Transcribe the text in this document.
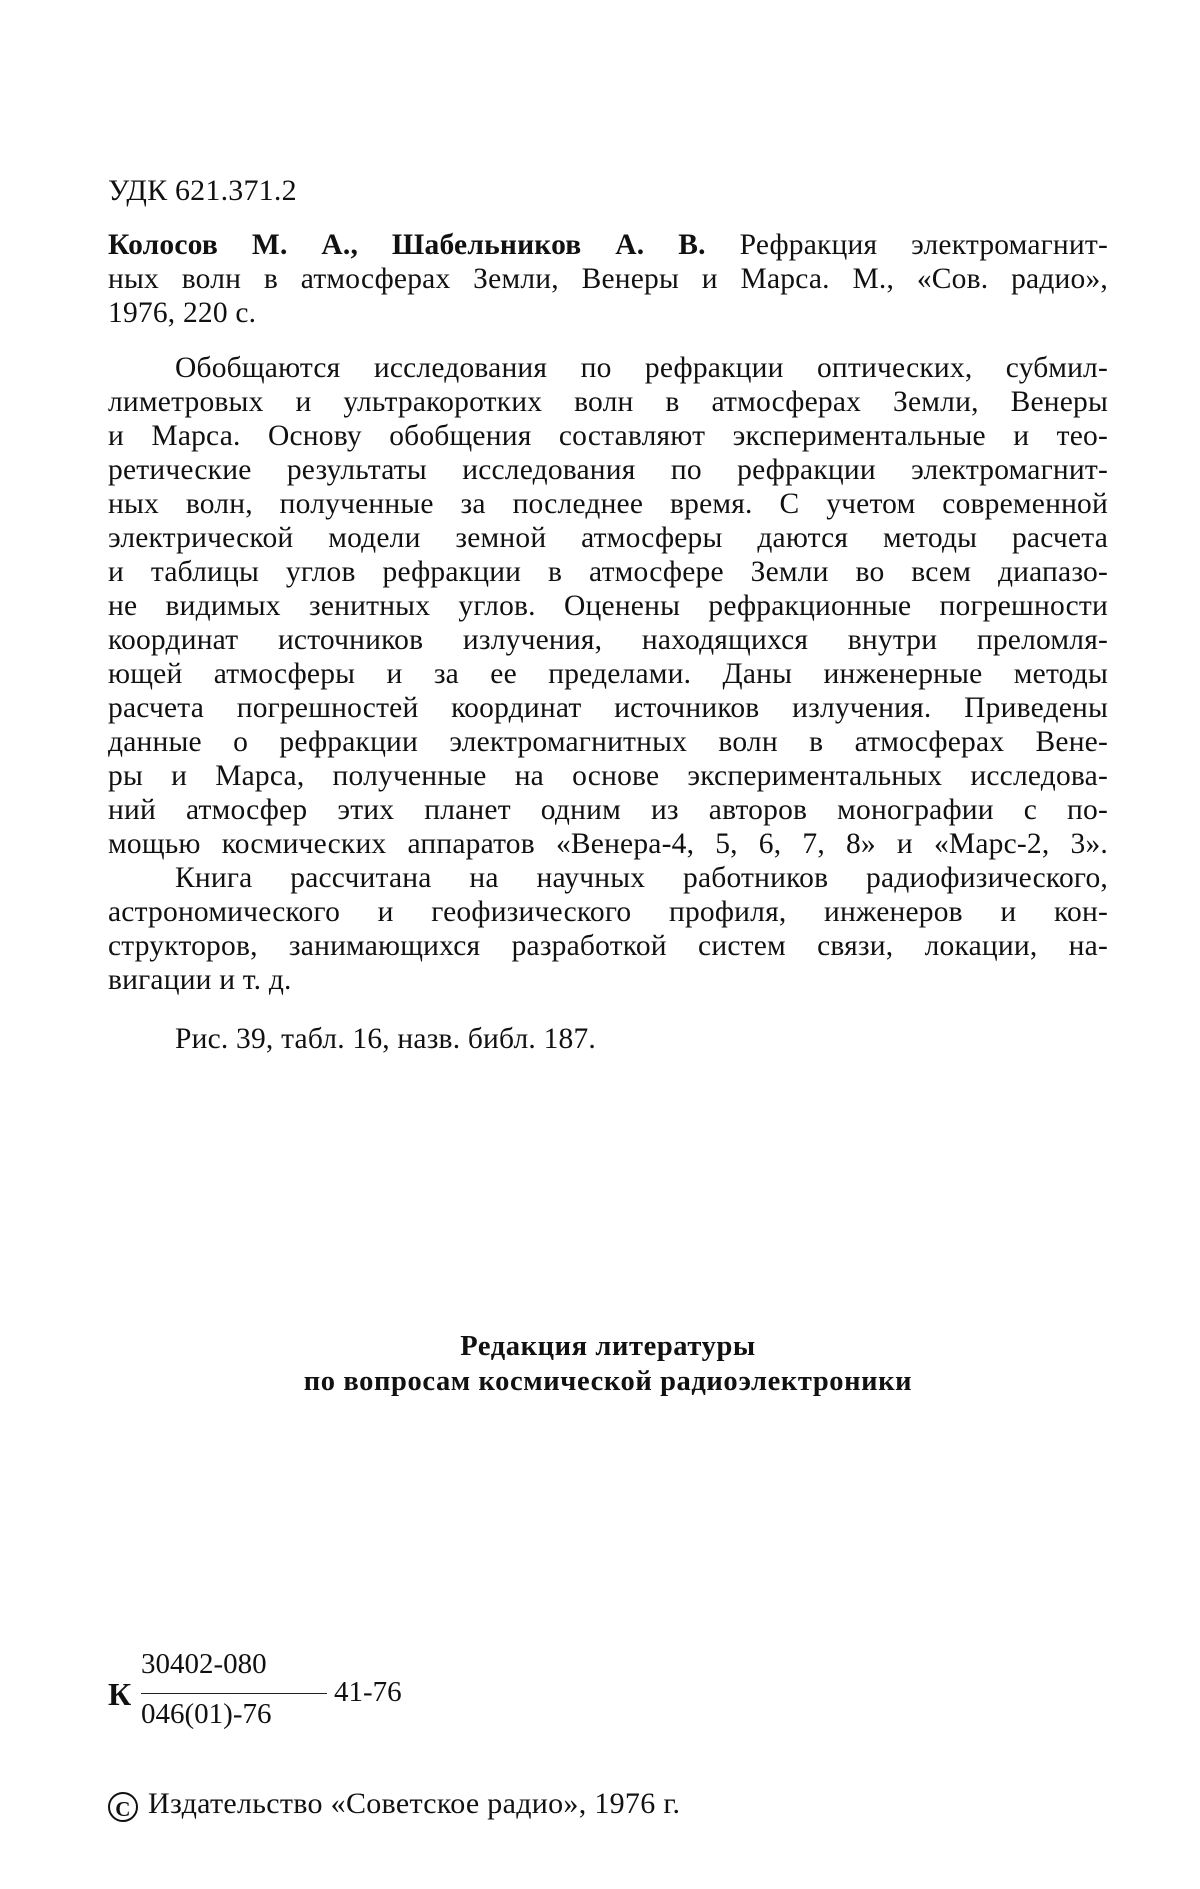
УДК 621.371.2
Колосов М. А., Шабельников А. В. Рефракция электромагнит-
ных волн в атмосферах Земли, Венеры и Марса. М., «Сов. радио»,
1976, 220 с.
Обобщаются исследования по рефракции оптических, субмил-
лиметровых и ультракоротких волн в атмосферах Земли, Венеры
и Марса. Основу обобщения составляют экспериментальные и тео-
ретические результаты исследования по рефракции электромагнит-
ных волн, полученные за последнее время. С учетом современной
электрической модели земной атмосферы даются методы расчета
и таблицы углов рефракции в атмосфере Земли во всем диапазо-
не видимых зенитных углов. Оценены рефракционные погрешности
координат источников излучения, находящихся внутри преломля-
ющей атмосферы и за ее пределами. Даны инженерные методы
расчета погрешностей координат источников излучения. Приведены
данные о рефракции электромагнитных волн в атмосферах Вене-
ры и Марса, полученные на основе экспериментальных исследова-
ний атмосфер этих планет одним из авторов монографии с по-
мощью космических аппаратов «Венера-4, 5, 6, 7, 8» и «Марс-2, 3».
Книга рассчитана на научных работников радиофизического,
астрономического и геофизического профиля, инженеров и кон-
структоров, занимающихся разработкой систем связи, локации, на-
вигации и т. д.
Рис. 39, табл. 16, назв. библ. 187.
Редакция литературы
по вопросам космической радиоэлектроники
К
30402-080
046(01)-76
41-76
С Издательство «Советское радио», 1976 г.
